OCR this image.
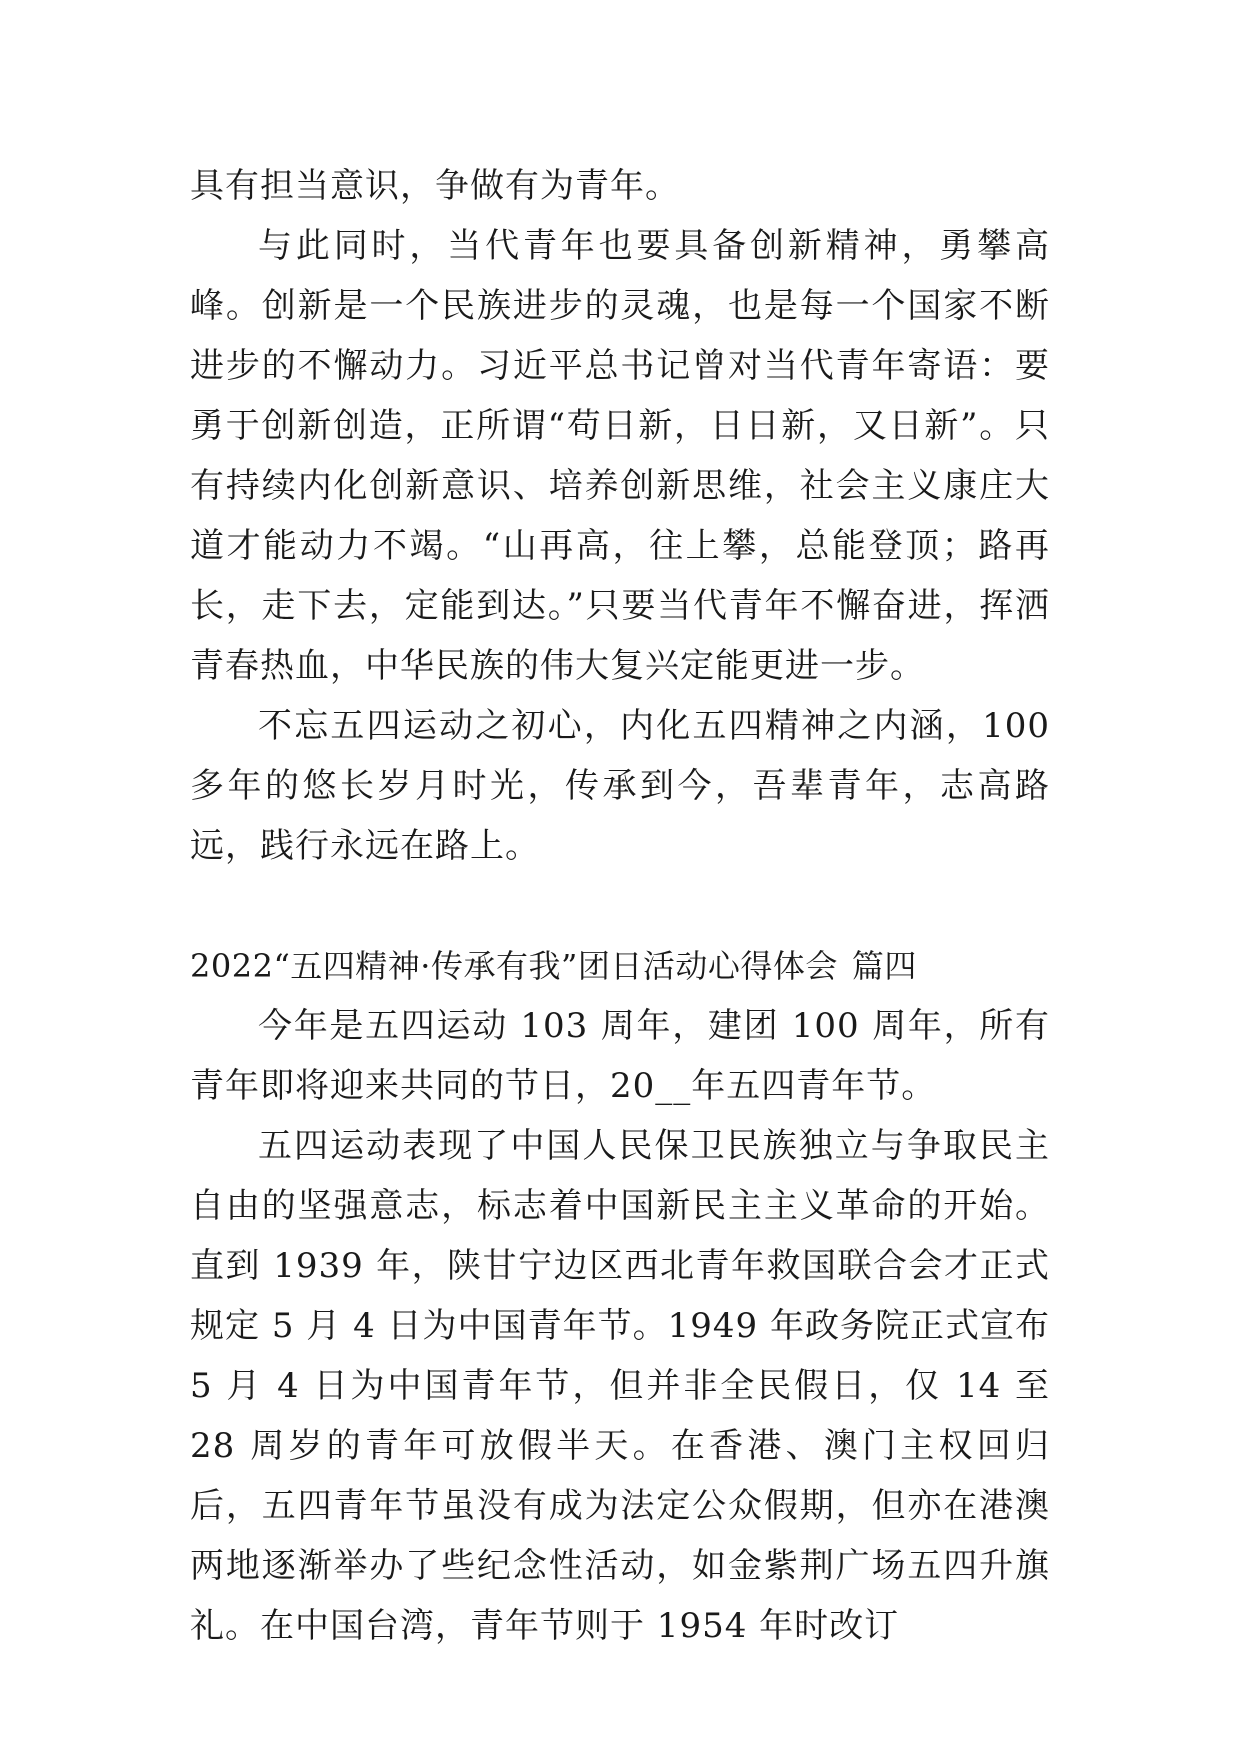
具有担当意识，争做有为青年。

与此同时，当代青年也要具备创新精神，勇攀高峰。创新是一个民族进步的灵魂，也是每一个国家不断进步的不懈动力。习近平总书记曾对当代青年寄语：要勇于创新创造，正所谓“苟日新，日日新，又日新”。只有持续内化创新意识、培养创新思维，社会主义康庄大道才能动力不竭。“山再高，往上攀，总能登顶；路再长，走下去，定能到达。”只要当代青年不懈奋进，挥洒青春热血，中华民族的伟大复兴定能更进一步。

不忘五四运动之初心，内化五四精神之内涵，100 多年的悠长岁月时光，传承到今，吾辈青年，志高路远，践行永远在路上。

2022“五四精神·传承有我”团日活动心得体会 篇四

今年是五四运动 103 周年，建团 100 周年，所有青年即将迎来共同的节日，20__年五四青年节。

五四运动表现了中国人民保卫民族独立与争取民主自由的坚强意志，标志着中国新民主主义革命的开始。直到 1939 年，陕甘宁边区西北青年救国联合会才正式规定 5 月 4 日为中国青年节。1949 年政务院正式宣布 5 月 4 日为中国青年节，但并非全民假日，仅 14 至 28 周岁的青年可放假半天。在香港、澳门主权回归后，五四青年节虽没有成为法定公众假期，但亦在港澳两地逐渐举办了些纪念性活动，如金紫荆广场五四升旗礼。在中国台湾，青年节则于 1954 年时改订
